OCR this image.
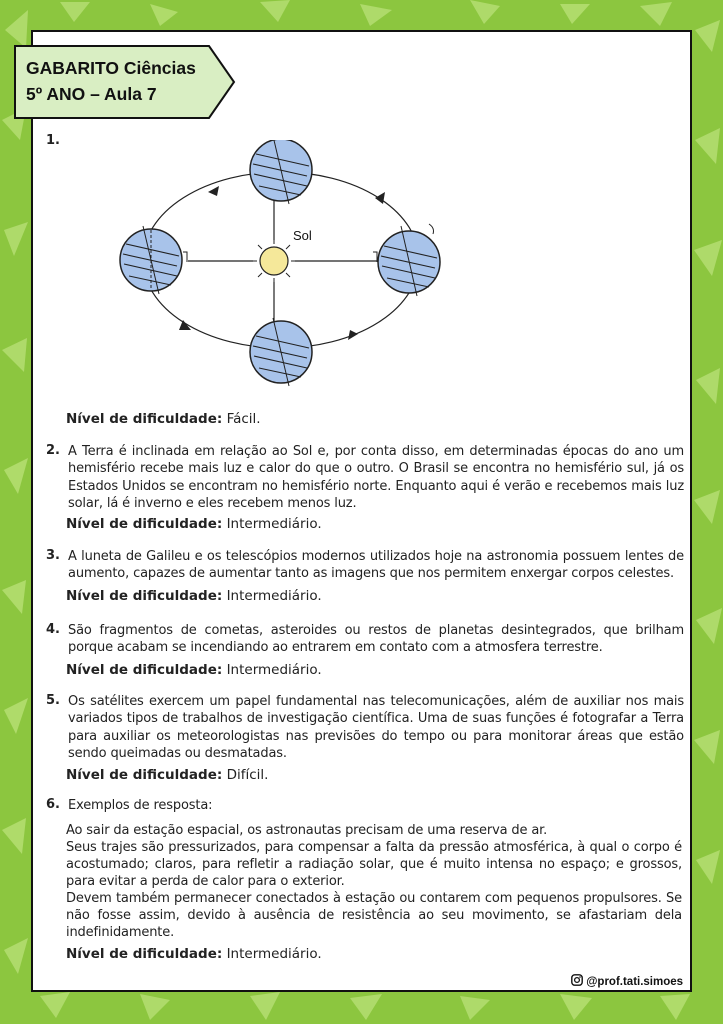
GABARITO Ciências
5º ANO – Aula 7
1.
Sol
Nível de dificuldade: Fácil.
2. A Terra é inclinada em relação ao Sol e, por conta disso, em determinadas épocas do ano um hemisfério recebe mais luz e calor do que o outro. O Brasil se encontra no hemisfério sul, já os Estados Unidos se encontram no hemisfério norte. Enquanto aqui é verão e recebemos mais luz solar, lá é inverno e eles recebem menos luz.
Nível de dificuldade: Intermediário.
3. A luneta de Galileu e os telescópios modernos utilizados hoje na astronomia possuem lentes de aumento, capazes de aumentar tanto as imagens que nos permitem enxergar corpos celestes.
Nível de dificuldade: Intermediário.
4. São fragmentos de cometas, asteroides ou restos de planetas desintegrados, que brilham porque acabam se incendiando ao entrarem em contato com a atmosfera terrestre.
Nível de dificuldade: Intermediário.
5. Os satélites exercem um papel fundamental nas telecomunicações, além de auxiliar nos mais variados tipos de trabalhos de investigação científica. Uma de suas funções é fotografar a Terra para auxiliar os meteorologistas nas previsões do tempo ou para monitorar áreas que estão sendo queimadas ou desmatadas.
Nível de dificuldade: Difícil.
6. Exemplos de resposta:
Ao sair da estação espacial, os astronautas precisam de uma reserva de ar.
Seus trajes são pressurizados, para compensar a falta da pressão atmosférica, à qual o corpo é acostumado; claros, para refletir a radiação solar, que é muito intensa no espaço; e grossos, para evitar a perda de calor para o exterior.
Devem também permanecer conectados à estação ou contarem com pequenos propulsores. Se não fosse assim, devido à ausência de resistência ao seu movimento, se afastariam dela indefinidamente.
Nível de dificuldade: Intermediário.
@prof.tati.simoes
